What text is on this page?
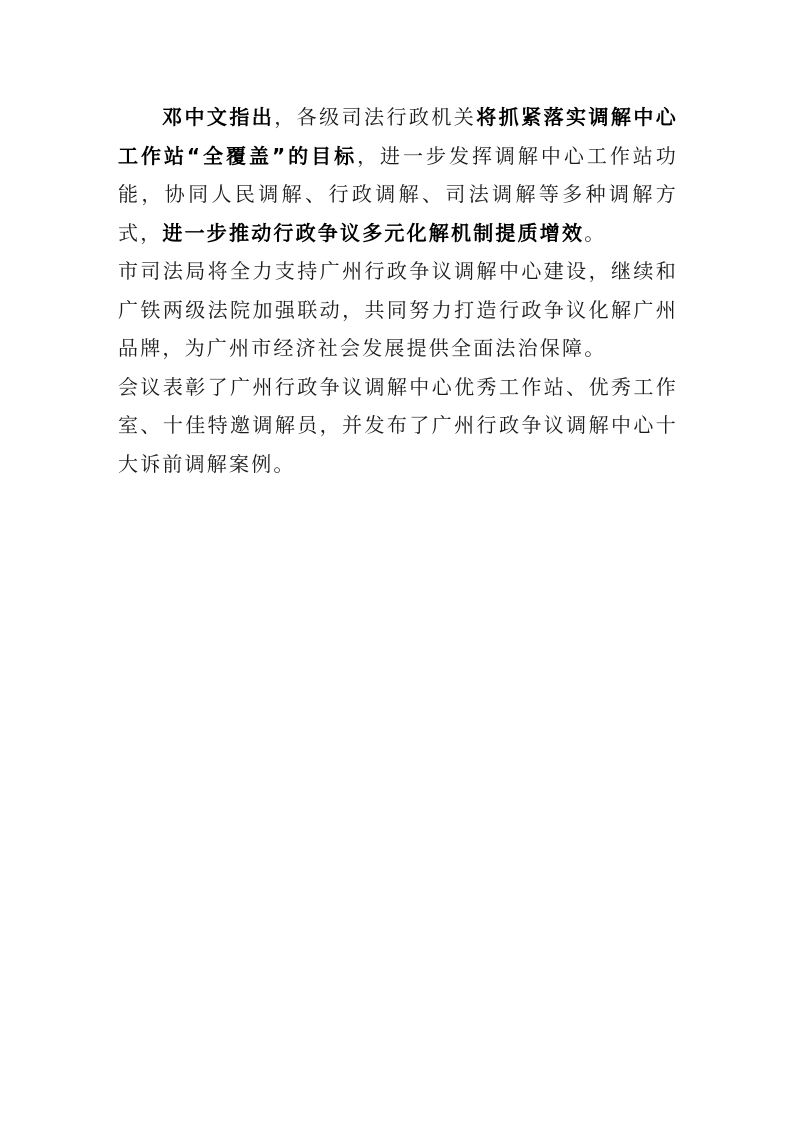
邓中文指出，各级司法行政机关将抓紧落实调解中心工作站“全覆盖”的目标，进一步发挥调解中心工作站功能，协同人民调解、行政调解、司法调解等多种调解方式，进一步推动行政争议多元化解机制提质增效。

市司法局将全力支持广州行政争议调解中心建设，继续和广铁两级法院加强联动，共同努力打造行政争议化解广州品牌，为广州市经济社会发展提供全面法治保障。

会议表彰了广州行政争议调解中心优秀工作站、优秀工作室、十佳特邀调解员，并发布了广州行政争议调解中心十大诉前调解案例。
